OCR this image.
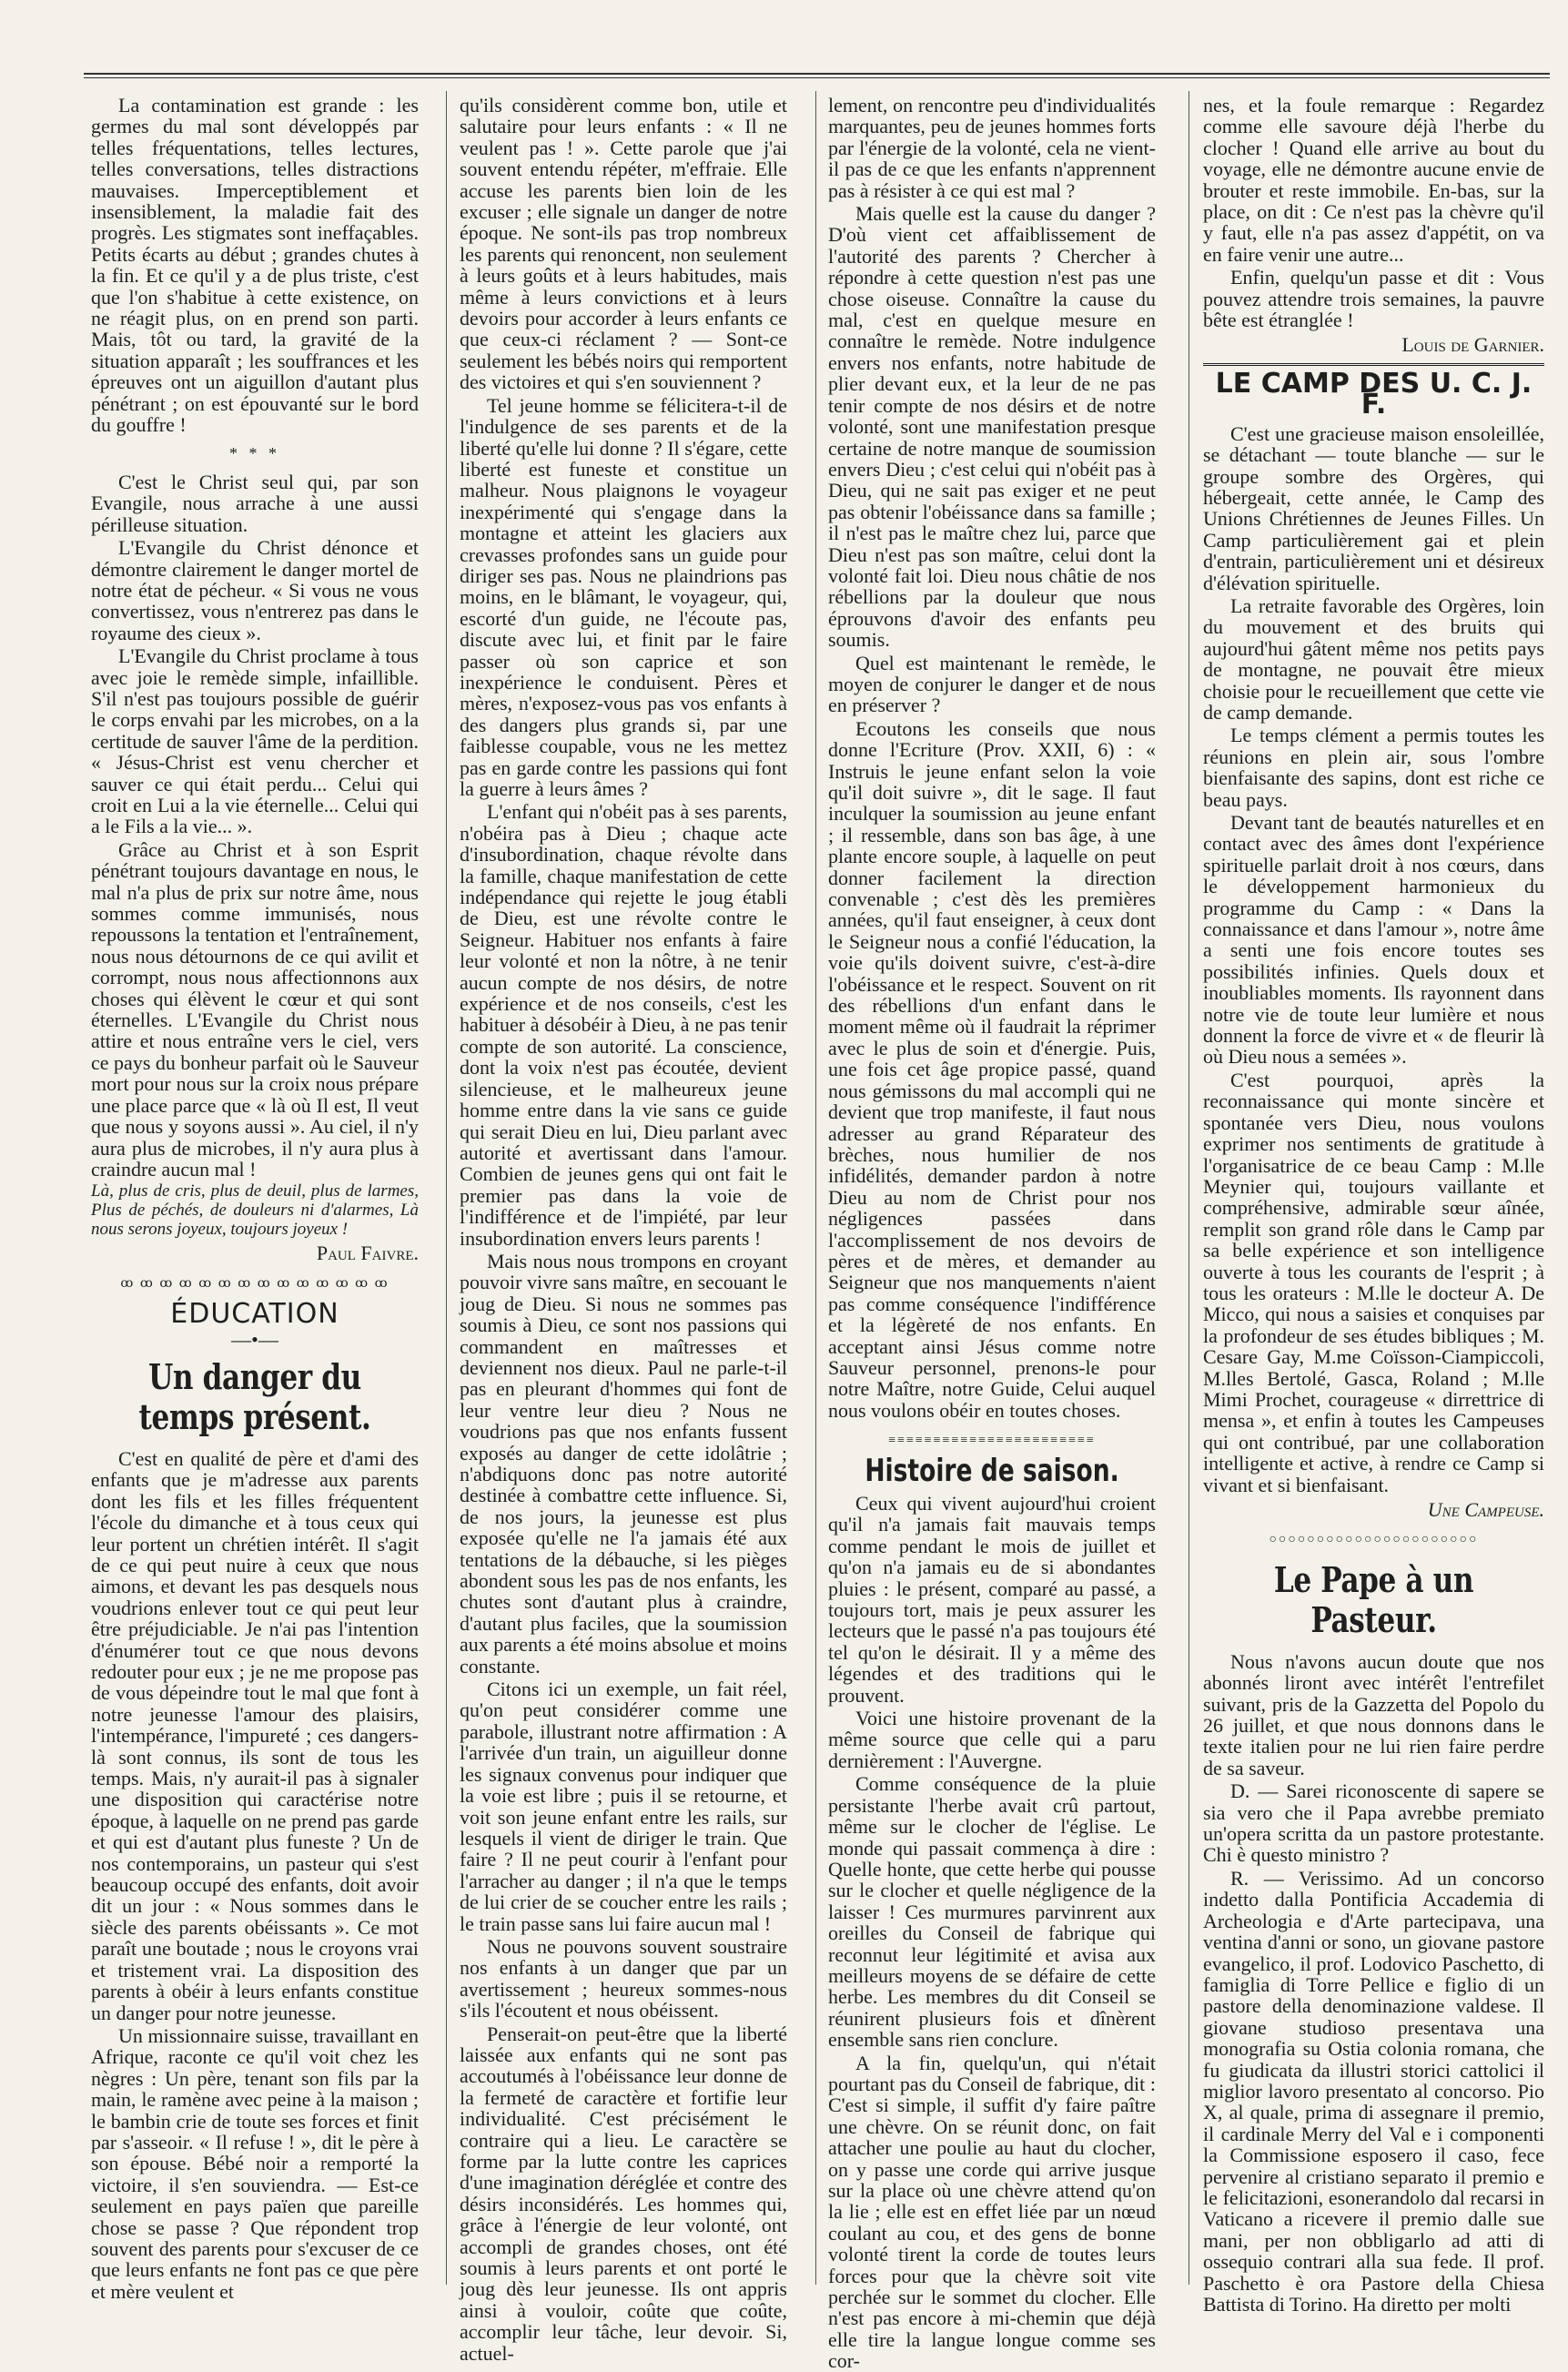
La contamination est grande : les germes du mal sont développés par telles fréquentations, telles lectures, telles conversations, telles distractions mauvaises. Imperceptiblement et insensiblement, la maladie fait des progrès. Les stigmates sont ineffaçables. Petits écarts au début ; grandes chutes à la fin. Et ce qu'il y a de plus triste, c'est que l'on s'habitue à cette existence, on ne réagit plus, on en prend son parti. Mais, tôt ou tard, la gravité de la situation apparaît ; les souffrances et les épreuves ont un aiguillon d'autant plus pénétrant ; on est épouvanté sur le bord du gouffre !

* * *

C'est le Christ seul qui, par son Evangile, nous arrache à une aussi périlleuse situation.

L'Evangile du Christ dénonce et démontre clairement le danger mortel de notre état de pécheur. « Si vous ne vous convertissez, vous n'entrerez pas dans le royaume des cieux ».

L'Evangile du Christ proclame à tous avec joie le remède simple, infaillible. S'il n'est pas toujours possible de guérir le corps envahi par les microbes, on a la certitude de sauver l'âme de la perdition. « Jésus-Christ est venu chercher et sauver ce qui était perdu... Celui qui croit en Lui a la vie éternelle... Celui qui a le Fils a la vie... ».

Grâce au Christ et à son Esprit pénétrant toujours davantage en nous, le mal n'a plus de prix sur notre âme, nous sommes comme immunisés, nous repoussons la tentation et l'entraînement, nous nous détournons de ce qui avilit et corrompt, nous nous affectionnons aux choses qui élèvent le cœur et qui sont éternelles. L'Evangile du Christ nous attire et nous entraîne vers le ciel, vers ce pays du bonheur parfait où le Sauveur mort pour nous sur la croix nous prépare une place parce que « là où Il est, Il veut que nous y soyons aussi ». Au ciel, il n'y aura plus de microbes, il n'y aura plus à craindre aucun mal !

Là, plus de cris, plus de deuil, plus de larmes, Plus de péchés, de douleurs ni d'alarmes, Là nous serons joyeux, toujours joyeux !

Paul Faivre.
ꝏ ꝏ ꝏ ꝏ ꝏ ꝏ ꝏ ꝏ ꝏ ꝏ ꝏ ꝏ ꝏ ꝏ
ÉDUCATION
—•—
Un danger du temps présent.

C'est en qualité de père et d'ami des enfants que je m'adresse aux parents dont les fils et les filles fréquentent l'école du dimanche et à tous ceux qui leur portent un chrétien intérêt. Il s'agit de ce qui peut nuire à ceux que nous aimons, et devant les pas desquels nous voudrions enlever tout ce qui peut leur être préjudiciable. Je n'ai pas l'intention d'énumérer tout ce que nous devons redouter pour eux ; je ne me propose pas de vous dépeindre tout le mal que font à notre jeunesse l'amour des plaisirs, l'intempérance, l'impureté ; ces dangers-là sont connus, ils sont de tous les temps. Mais, n'y aurait-il pas à signaler une disposition qui caractérise notre époque, à laquelle on ne prend pas garde et qui est d'autant plus funeste ? Un de nos contemporains, un pasteur qui s'est beaucoup occupé des enfants, doit avoir dit un jour : « Nous sommes dans le siècle des parents obéissants ». Ce mot paraît une boutade ; nous le croyons vrai et tristement vrai. La disposition des parents à obéir à leurs enfants constitue un danger pour notre jeunesse.

Un missionnaire suisse, travaillant en Afrique, raconte ce qu'il voit chez les nègres : Un père, tenant son fils par la main, le ramène avec peine à la maison ; le bambin crie de toute ses forces et finit par s'asseoir. « Il refuse ! », dit le père à son épouse. Bébé noir a remporté la victoire, il s'en souviendra. — Est-ce seulement en pays païen que pareille chose se passe ? Que répondent trop souvent des parents pour s'excuser de ce que leurs enfants ne font pas ce que père et mère veulent et

qu'ils considèrent comme bon, utile et salutaire pour leurs enfants : « Il ne veulent pas ! ». Cette parole que j'ai souvent entendu répéter, m'effraie. Elle accuse les parents bien loin de les excuser ; elle signale un danger de notre époque. Ne sont-ils pas trop nombreux les parents qui renoncent, non seulement à leurs goûts et à leurs habitudes, mais même à leurs convictions et à leurs devoirs pour accorder à leurs enfants ce que ceux-ci réclament ? — Sont-ce seulement les bébés noirs qui remportent des victoires et qui s'en souviennent ?

Tel jeune homme se félicitera-t-il de l'indulgence de ses parents et de la liberté qu'elle lui donne ? Il s'égare, cette liberté est funeste et constitue un malheur. Nous plaignons le voyageur inexpérimenté qui s'engage dans la montagne et atteint les glaciers aux crevasses profondes sans un guide pour diriger ses pas. Nous ne plaindrions pas moins, en le blâmant, le voyageur, qui, escorté d'un guide, ne l'écoute pas, discute avec lui, et finit par le faire passer où son caprice et son inexpérience le conduisent. Pères et mères, n'exposez-vous pas vos enfants à des dangers plus grands si, par une faiblesse coupable, vous ne les mettez pas en garde contre les passions qui font la guerre à leurs âmes ?

L'enfant qui n'obéit pas à ses parents, n'obéira pas à Dieu ; chaque acte d'insubordination, chaque révolte dans la famille, chaque manifestation de cette indépendance qui rejette le joug établi de Dieu, est une révolte contre le Seigneur. Habituer nos enfants à faire leur volonté et non la nôtre, à ne tenir aucun compte de nos désirs, de notre expérience et de nos conseils, c'est les habituer à désobéir à Dieu, à ne pas tenir compte de son autorité. La conscience, dont la voix n'est pas écoutée, devient silencieuse, et le malheureux jeune homme entre dans la vie sans ce guide qui serait Dieu en lui, Dieu parlant avec autorité et avertissant dans l'amour. Combien de jeunes gens qui ont fait le premier pas dans la voie de l'indifférence et de l'impiété, par leur insubordination envers leurs parents !

Mais nous nous trompons en croyant pouvoir vivre sans maître, en secouant le joug de Dieu. Si nous ne sommes pas soumis à Dieu, ce sont nos passions qui commandent en maîtresses et deviennent nos dieux. Paul ne parle-t-il pas en pleurant d'hommes qui font de leur ventre leur dieu ? Nous ne voudrions pas que nos enfants fussent exposés au danger de cette idolâtrie ; n'abdiquons donc pas notre autorité destinée à combattre cette influence. Si, de nos jours, la jeunesse est plus exposée qu'elle ne l'a jamais été aux tentations de la débauche, si les pièges abondent sous les pas de nos enfants, les chutes sont d'autant plus à craindre, d'autant plus faciles, que la soumission aux parents a été moins absolue et moins constante.

Citons ici un exemple, un fait réel, qu'on peut considérer comme une parabole, illustrant notre affirmation : A l'arrivée d'un train, un aiguilleur donne les signaux convenus pour indiquer que la voie est libre ; puis il se retourne, et voit son jeune enfant entre les rails, sur lesquels il vient de diriger le train. Que faire ? Il ne peut courir à l'enfant pour l'arracher au danger ; il n'a que le temps de lui crier de se coucher entre les rails ; le train passe sans lui faire aucun mal !

Nous ne pouvons souvent soustraire nos enfants à un danger que par un avertissement ; heureux sommes-nous s'ils l'écoutent et nous obéissent.

Penserait-on peut-être que la liberté laissée aux enfants qui ne sont pas accoutumés à l'obéissance leur donne de la fermeté de caractère et fortifie leur individualité. C'est précisément le contraire qui a lieu. Le caractère se forme par la lutte contre les caprices d'une imagination déréglée et contre des désirs inconsidérés. Les hommes qui, grâce à l'énergie de leur volonté, ont accompli de grandes choses, ont été soumis à leurs parents et ont porté le joug dès leur jeunesse. Ils ont appris ainsi à vouloir, coûte que coûte, accomplir leur tâche, leur devoir. Si, actuel-

lement, on rencontre peu d'individualités marquantes, peu de jeunes hommes forts par l'énergie de la volonté, cela ne vient-il pas de ce que les enfants n'apprennent pas à résister à ce qui est mal ?

Mais quelle est la cause du danger ? D'où vient cet affaiblissement de l'autorité des parents ? Chercher à répondre à cette question n'est pas une chose oiseuse. Connaître la cause du mal, c'est en quelque mesure en connaître le remède. Notre indulgence envers nos enfants, notre habitude de plier devant eux, et la leur de ne pas tenir compte de nos désirs et de notre volonté, sont une manifestation presque certaine de notre manque de soumission envers Dieu ; c'est celui qui n'obéit pas à Dieu, qui ne sait pas exiger et ne peut pas obtenir l'obéissance dans sa famille ; il n'est pas le maître chez lui, parce que Dieu n'est pas son maître, celui dont la volonté fait loi. Dieu nous châtie de nos rébellions par la douleur que nous éprouvons d'avoir des enfants peu soumis.

Quel est maintenant le remède, le moyen de conjurer le danger et de nous en préserver ?

Ecoutons les conseils que nous donne l'Ecriture (Prov. XXII, 6) : « Instruis le jeune enfant selon la voie qu'il doit suivre », dit le sage. Il faut inculquer la soumission au jeune enfant ; il ressemble, dans son bas âge, à une plante encore souple, à laquelle on peut donner facilement la direction convenable ; c'est dès les premières années, qu'il faut enseigner, à ceux dont le Seigneur nous a confié l'éducation, la voie qu'ils doivent suivre, c'est-à-dire l'obéissance et le respect. Souvent on rit des rébellions d'un enfant dans le moment même où il faudrait la réprimer avec le plus de soin et d'énergie. Puis, une fois cet âge propice passé, quand nous gémissons du mal accompli qui ne devient que trop manifeste, il faut nous adresser au grand Réparateur des brèches, nous humilier de nos infidélités, demander pardon à notre Dieu au nom de Christ pour nos négligences passées dans l'accomplissement de nos devoirs de pères et de mères, et demander au Seigneur que nos manquements n'aient pas comme conséquence l'indifférence et la légèreté de nos enfants. En acceptant ainsi Jésus comme notre Sauveur personnel, prenons-le pour notre Maître, notre Guide, Celui auquel nous voulons obéir en toutes choses.

≡≡≡≡≡≡≡≡≡≡≡≡≡≡≡≡≡≡≡≡≡≡≡
Histoire de saison.

Ceux qui vivent aujourd'hui croient qu'il n'a jamais fait mauvais temps comme pendant le mois de juillet et qu'on n'a jamais eu de si abondantes pluies : le présent, comparé au passé, a toujours tort, mais je peux assurer les lecteurs que le passé n'a pas toujours été tel qu'on le désirait. Il y a même des légendes et des traditions qui le prouvent.

Voici une histoire provenant de la même source que celle qui a paru dernièrement : l'Auvergne.

Comme conséquence de la pluie persistante l'herbe avait crû partout, même sur le clocher de l'église. Le monde qui passait commença à dire : Quelle honte, que cette herbe qui pousse sur le clocher et quelle négligence de la laisser ! Ces murmures parvinrent aux oreilles du Conseil de fabrique qui reconnut leur légitimité et avisa aux meilleurs moyens de se défaire de cette herbe. Les membres du dit Conseil se réunirent plusieurs fois et dînèrent ensemble sans rien conclure.

A la fin, quelqu'un, qui n'était pourtant pas du Conseil de fabrique, dit : C'est si simple, il suffit d'y faire paître une chèvre. On se réunit donc, on fait attacher une poulie au haut du clocher, on y passe une corde qui arrive jusque sur la place où une chèvre attend qu'on la lie ; elle est en effet liée par un nœud coulant au cou, et des gens de bonne volonté tirent la corde de toutes leurs forces pour que la chèvre soit vite perchée sur le sommet du clocher. Elle n'est pas encore à mi-chemin que déjà elle tire la langue longue comme ses cor-

nes, et la foule remarque : Regardez comme elle savoure déjà l'herbe du clocher ! Quand elle arrive au bout du voyage, elle ne démontre aucune envie de brouter et reste immobile. En-bas, sur la place, on dit : Ce n'est pas la chèvre qu'il y faut, elle n'a pas assez d'appétit, on va en faire venir une autre...

Enfin, quelqu'un passe et dit : Vous pouvez attendre trois semaines, la pauvre bête est étranglée !

Louis de Garnier.
LE CAMP DES U. C. J. F.

C'est une gracieuse maison ensoleillée, se détachant — toute blanche — sur le groupe sombre des Orgères, qui hébergeait, cette année, le Camp des Unions Chrétiennes de Jeunes Filles. Un Camp particulièrement gai et plein d'entrain, particulièrement uni et désireux d'élévation spirituelle.

La retraite favorable des Orgères, loin du mouvement et des bruits qui aujourd'hui gâtent même nos petits pays de montagne, ne pouvait être mieux choisie pour le recueillement que cette vie de camp demande.

Le temps clément a permis toutes les réunions en plein air, sous l'ombre bienfaisante des sapins, dont est riche ce beau pays.

Devant tant de beautés naturelles et en contact avec des âmes dont l'expérience spirituelle parlait droit à nos cœurs, dans le développement harmonieux du programme du Camp : « Dans la connaissance et dans l'amour », notre âme a senti une fois encore toutes ses possibilités infinies. Quels doux et inoubliables moments. Ils rayonnent dans notre vie de toute leur lumière et nous donnent la force de vivre et « de fleurir là où Dieu nous a semées ».

C'est pourquoi, après la reconnaissance qui monte sincère et spontanée vers Dieu, nous voulons exprimer nos sentiments de gratitude à l'organisatrice de ce beau Camp : M.lle Meynier qui, toujours vaillante et compréhensive, admirable sœur aînée, remplit son grand rôle dans le Camp par sa belle expérience et son intelligence ouverte à tous les courants de l'esprit ; à tous les orateurs : M.lle le docteur A. De Micco, qui nous a saisies et conquises par la profondeur de ses études bibliques ; M. Cesare Gay, M.me Coïsson-Ciampiccoli, M.lles Bertolé, Gasca, Roland ; M.lle Mimi Prochet, courageuse « dirrettrice di mensa », et enfin à toutes les Campeuses qui ont contribué, par une collaboration intelligente et active, à rendre ce Camp si vivant et si bienfaisant.

Une Campeuse.
○○○○○○○○○○○○○○○○○○○○○○
Le Pape à un Pasteur.

Nous n'avons aucun doute que nos abonnés liront avec intérêt l'entrefilet suivant, pris de la Gazzetta del Popolo du 26 juillet, et que nous donnons dans le texte italien pour ne lui rien faire perdre de sa saveur.

D. — Sarei riconoscente di sapere se sia vero che il Papa avrebbe premiato un'opera scritta da un pastore protestante. Chi è questo ministro ?

R. — Verissimo. Ad un concorso indetto dalla Pontificia Accademia di Archeologia e d'Arte partecipava, una ventina d'anni or sono, un giovane pastore evangelico, il prof. Lodovico Paschetto, di famiglia di Torre Pellice e figlio di un pastore della denominazione valdese. Il giovane studioso presentava una monografia su Ostia colonia romana, che fu giudicata da illustri storici cattolici il miglior lavoro presentato al concorso. Pio X, al quale, prima di assegnare il premio, il cardinale Merry del Val e i componenti la Commissione esposero il caso, fece pervenire al cristiano separato il premio e le felicitazioni, esonerandolo dal recarsi in Vaticano a ricevere il premio dalle sue mani, per non obbligarlo ad atti di ossequio contrari alla sua fede. Il prof. Paschetto è ora Pastore della Chiesa Battista di Torino. Ha diretto per molti
